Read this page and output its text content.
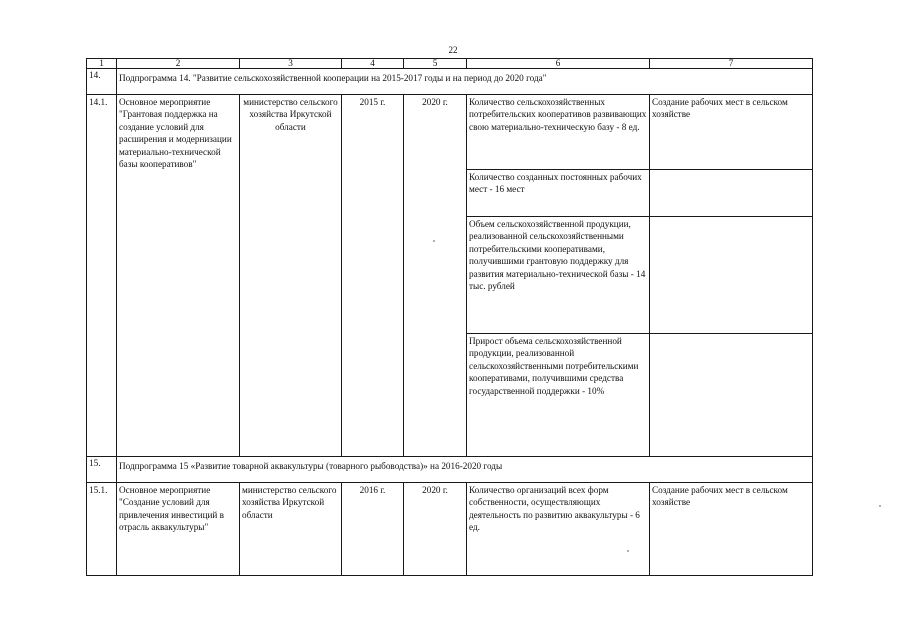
22
1	2	3	4	5	6	7
14.	Подпрограмма 14. "Развитие сельскохозяйственной кооперации на 2015-2017 годы и на период до 2020 года"					
14.1.	Основное мероприятие "Грантовая поддержка на создание условий для расширения и модернизации материально-технической базы кооперативов"	министерство сельского хозяйства Иркутской области	2015 г.	2020 г.	Количество сельскохозяйственных потребительских кооперативов развивающих свою материально-техническую базу - 8 ед.	Создание рабочих мест в сельском хозяйстве
					Количество созданных постоянных рабочих мест - 16 мест	
					Объем сельскохозяйственной продукции, реализованной сельскохозяйственными потребительскими кооперативами, получившими грантовую поддержку для развития материально-технической базы - 14 тыс. рублей	
					Прирост объема сельскохозяйственной продукции, реализованной сельскохозяйственными потребительскими кооперативами, получившими средства государственной поддержки - 10%	
15.	Подпрограмма 15 «Развитие товарной аквакультуры (товарного рыбоводства)» на 2016-2020 годы					
15.1.	Основное мероприятие "Создание условий для привлечения инвестиций в отрасль аквакультуры"	министерство сельского хозяйства Иркутской области	2016 г.	2020 г.	Количество организаций всех форм собственности, осуществляющих деятельность по развитию аквакультуры - 6 ед.	Создание рабочих мест в сельском хозяйстве
